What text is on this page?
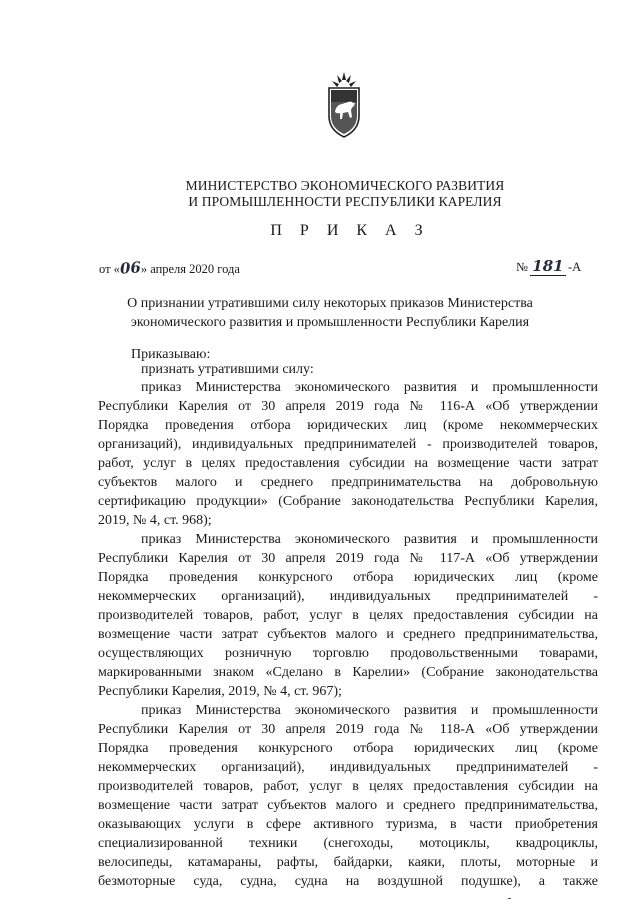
МИНИСТЕРСТВО ЭКОНОМИЧЕСКОГО РАЗВИТИЯ
И ПРОМЫШЛЕННОСТИ РЕСПУБЛИКИ КАРЕЛИЯ
П Р И К А З
от «06» апреля 2020 года	№ 181 -А
О признании утратившими силу некоторых приказов Министерства
экономического развития и промышленности Республики Карелия
Приказываю:
признать утратившими силу:
приказ Министерства экономического развития и промышленности
Республики Карелия от 30 апреля 2019 года № 116-А «Об утверждении
Порядка проведения отбора юридических лиц (кроме некоммерческих
организаций), индивидуальных предпринимателей - производителей товаров,
работ, услуг в целях предоставления субсидии на возмещение части затрат
субъектов малого и среднего предпринимательства на добровольную
сертификацию продукции» (Собрание законодательства Республики Карелия,
2019, № 4, ст. 968);
приказ Министерства экономического развития и промышленности
Республики Карелия от 30 апреля 2019 года № 117-А «Об утверждении
Порядка проведения конкурсного отбора юридических лиц (кроме
некоммерческих организаций), индивидуальных предпринимателей -
производителей товаров, работ, услуг в целях предоставления субсидии на
возмещение части затрат субъектов малого и среднего предпринимательства,
осуществляющих розничную торговлю продовольственными товарами,
маркированными знаком «Сделано в Карелии» (Собрание законодательства
Республики Карелия, 2019, № 4, ст. 967);
приказ Министерства экономического развития и промышленности
Республики Карелия от 30 апреля 2019 года № 118-А «Об утверждении
Порядка проведения конкурсного отбора юридических лиц (кроме
некоммерческих организаций), индивидуальных предпринимателей -
производителей товаров, работ, услуг в целях предоставления субсидии на
возмещение части затрат субъектов малого и среднего предпринимательства,
оказывающих услуги в сфере активного туризма, в части приобретения
специализированной техники (снегоходы, мотоциклы, квадроциклы,
велосипеды, катамараны, рафты, байдарки, каяки, плоты, моторные и
безмоторные суда, судна, судна на воздушной подушке), а также
